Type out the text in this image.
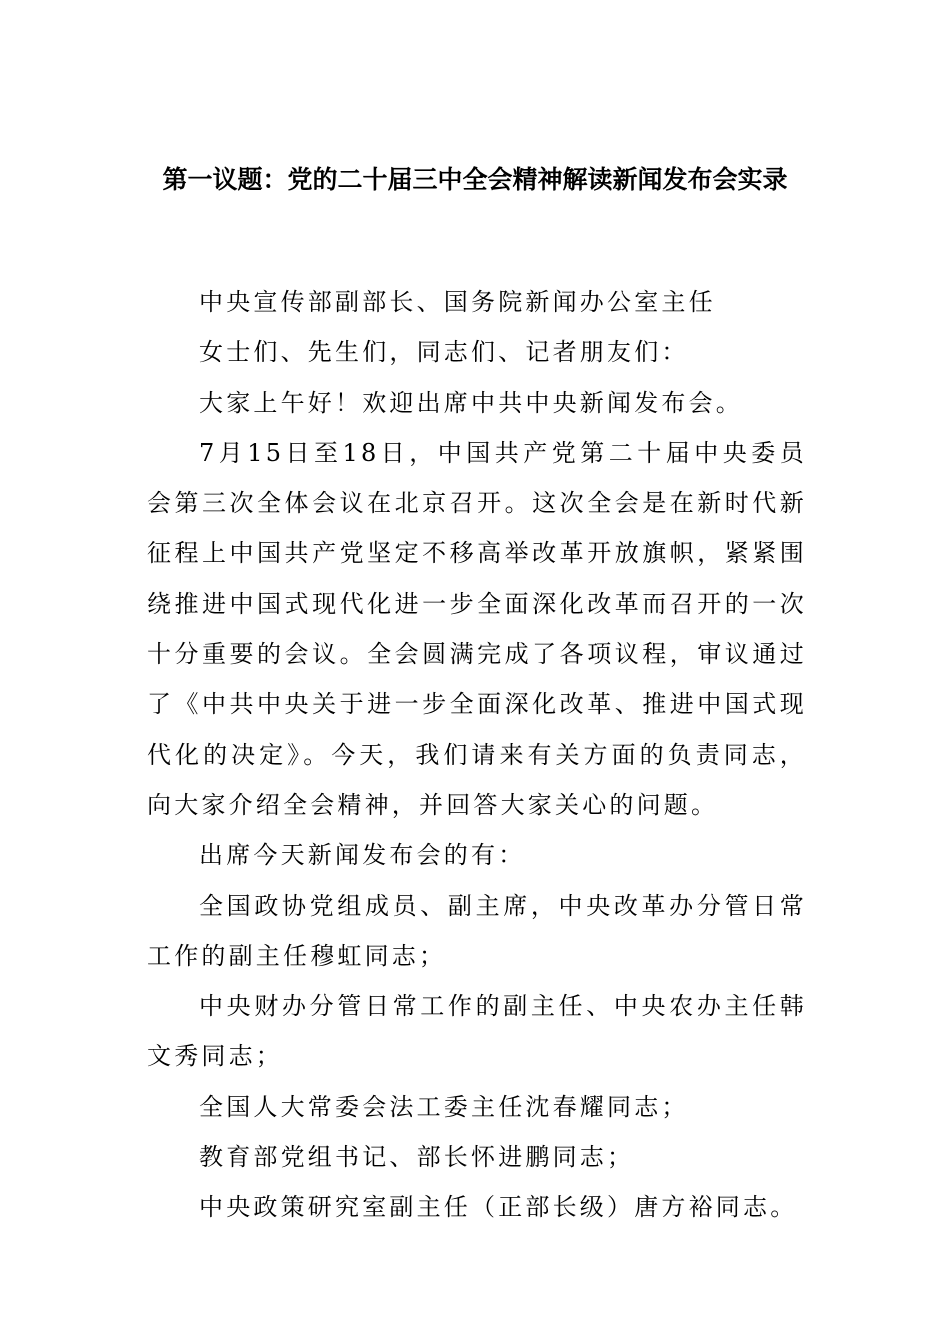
第一议题：党的二十届三中全会精神解读新闻发布会实录

中央宣传部副部长、国务院新闻办公室主任

女士们、先生们，同志们、记者朋友们：

大家上午好！欢迎出席中共中央新闻发布会。

7月15日至18日，中国共产党第二十届中央委员会第三次全体会议在北京召开。这次全会是在新时代新征程上中国共产党坚定不移高举改革开放旗帜，紧紧围绕推进中国式现代化进一步全面深化改革而召开的一次十分重要的会议。全会圆满完成了各项议程，审议通过了《中共中央关于进一步全面深化改革、推进中国式现代化的决定》。今天，我们请来有关方面的负责同志，向大家介绍全会精神，并回答大家关心的问题。

出席今天新闻发布会的有：

全国政协党组成员、副主席，中央改革办分管日常工作的副主任穆虹同志；

中央财办分管日常工作的副主任、中央农办主任韩文秀同志；

全国人大常委会法工委主任沈春耀同志；

教育部党组书记、部长怀进鹏同志；

中央政策研究室副主任（正部长级）唐方裕同志。
